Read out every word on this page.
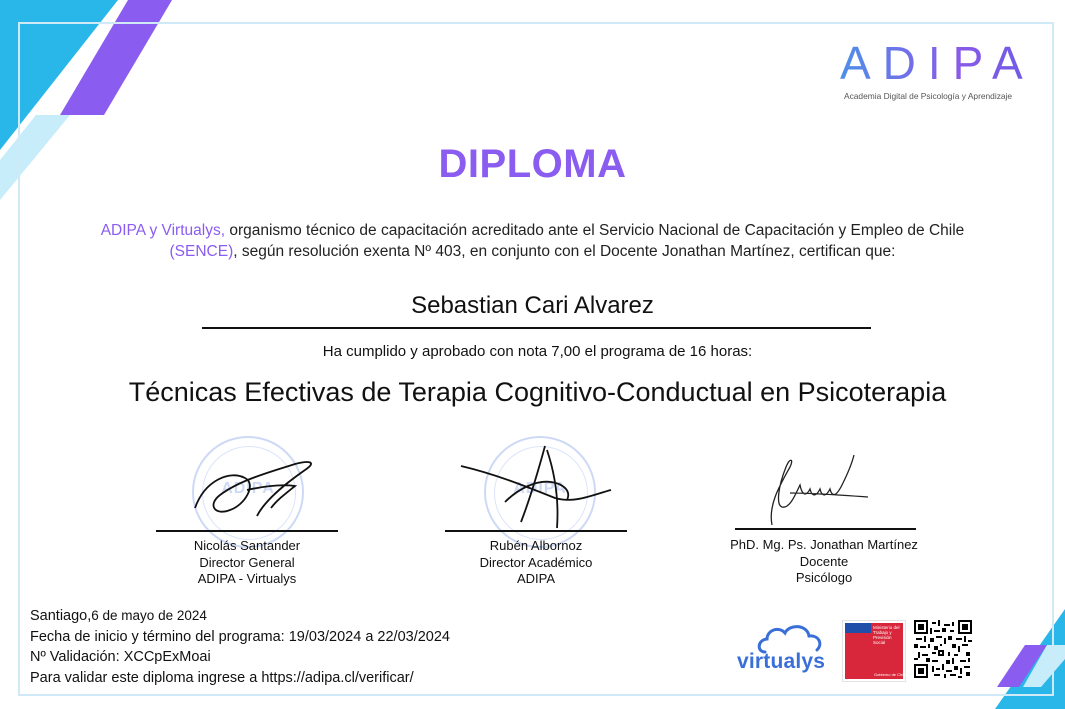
ADIPA
Academia Digital de Psicología y Aprendizaje
DIPLOMA
ADIPA y Virtualys, organismo técnico de capacitación acreditado ante el Servicio Nacional de Capacitación y Empleo de Chile (SENCE), según resolución exenta Nº 403, en conjunto con el Docente Jonathan Martínez, certifican que:
Sebastian Cari Alvarez
Ha cumplido y aprobado con nota 7,00 el programa de 16 horas:
Técnicas Efectivas de Terapia Cognitivo-Conductual en Psicoterapia
ADIPA	ADIPA
Nicolás Santander
Director General
ADIPA - Virtualys
Rubén Albornoz
Director Académico
ADIPA
PhD. Mg. Ps. Jonathan Martínez
Docente
Psicólogo
Santiago,6 de mayo de 2024
Fecha de inicio y término del programa: 19/03/2024 a 22/03/2024
Nº Validación: XCCpExMoai
Para validar este diploma ingrese a https://adipa.cl/verificar/
virtualys
Ministerio del Trabajo y Previsión Social
Gobierno de Chile
